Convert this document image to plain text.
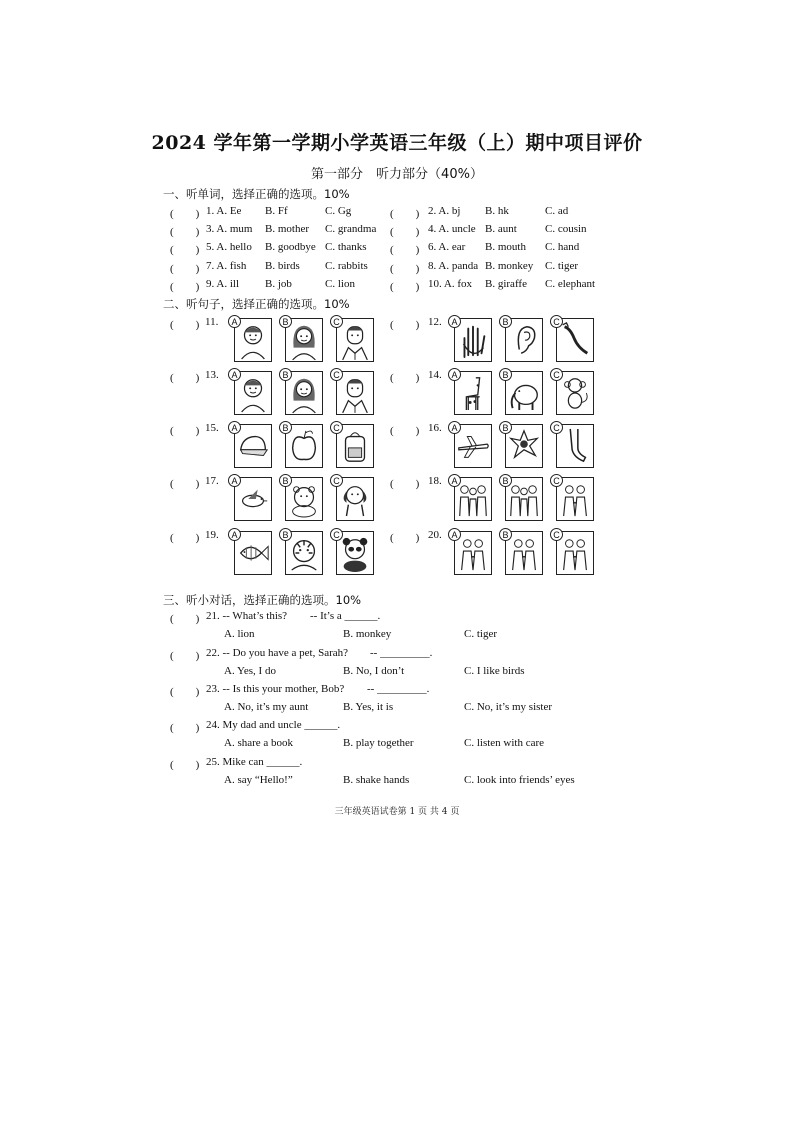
2024 学年第一学期小学英语三年级（上）期中项目评价
第一部分　听力部分（40%）
一、听单词，选择正确的选项。10%
(　　) 1. A. Ee B. Ff	C. Gg	(　　) 2. A. bj B. hk	C. ad
(　　) 3. A. mum B. mother C. grandma (　　) 4. A. uncle B. aunt	C. cousin
(　　) 5. A. hello B. goodbye C. thanks (　　) 6. A. ear B. mouth C. hand
(　　) 7. A. fish B. birds C. rabbits (　　) 8. A. panda B. monkey C. tiger
(　　) 9. A. ill B. job	C. lion	(　　) 10. A. fox B. giraffe C. elephant
二、听句子，选择正确的选项。10%
(　　) 11.	A	B	C	(　　) 12.	A	B	C
(　　) 13.	A	B	C	(　　) 14.	A	B	C
(　　) 15.	A	B	C	(　　) 16.	A	B	C
(　　) 17.	A	B	C	(　　) 18.	A	B	C
(　　) 19.	A	B	C	(　　) 20.	A	B	C
三、听小对话，选择正确的选项。10%
(　　) 21. -- What’s this? -- It’s a ______.
A. lion	B. monkey	C. tiger
(　　) 22. -- Do you have a pet, Sarah? -- _________.
A. Yes, I do	B. No, I don’t	C. I like birds
(　　) 23. -- Is this your mother, Bob? -- _________.
A. No, it’s my aunt	B. Yes, it is	C. No, it’s my sister
(　　) 24. My dad and uncle ______.
A. share a book	B. play together	C. listen with care
(　　) 25. Mike can ______.
A. say “Hello!”	B. shake hands	C. look into friends’ eyes
三年级英语试卷第 1 页 共 4 页
